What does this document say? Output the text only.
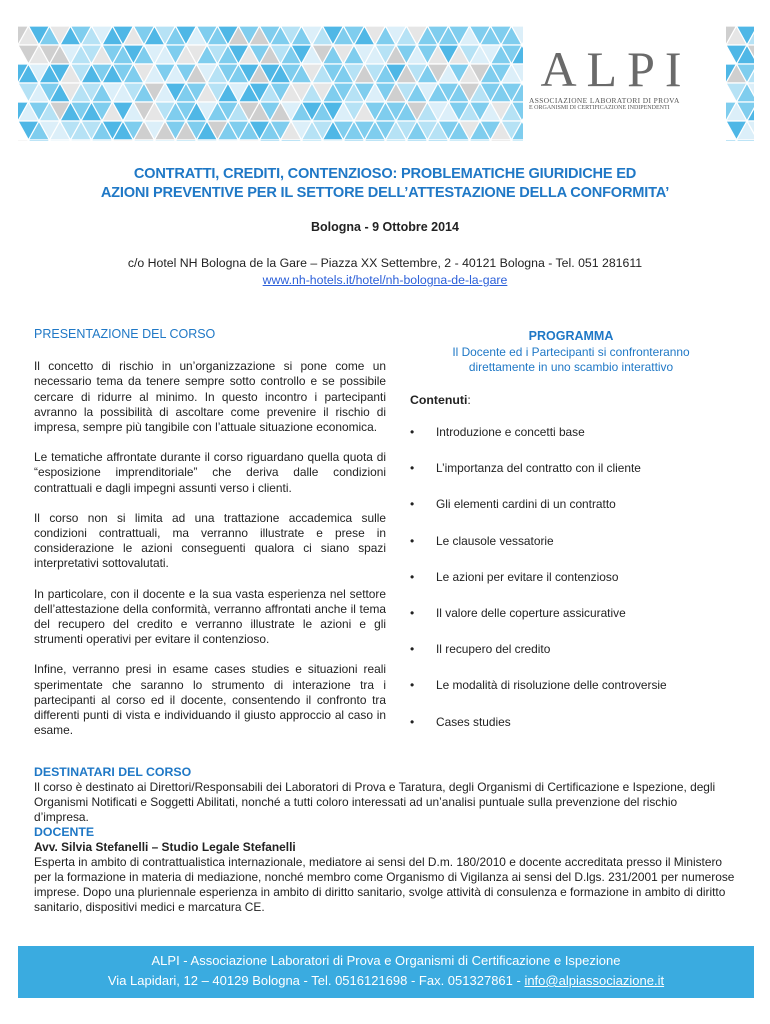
ALPI
ASSOCIAZIONE LABORATORI DI PROVA
E ORGANISMI DI CERTIFICAZIONE INDIPENDENTI
CONTRATTI, CREDITI, CONTENZIOSO: PROBLEMATICHE GIURIDICHE ED
AZIONI PREVENTIVE PER IL SETTORE DELL’ATTESTAZIONE DELLA CONFORMITA’
Bologna - 9 Ottobre 2014
c/o Hotel NH Bologna de la Gare – Piazza XX Settembre, 2 - 40121 Bologna - Tel. 051 281611
www.nh-hotels.it/hotel/nh-bologna-de-la-gare
PRESENTAZIONE DEL CORSO

Il concetto di rischio in un’organizzazione si pone come un necessario tema da tenere sempre sotto controllo e se possibile cercare di ridurre al minimo. In questo incontro i partecipanti avranno la possibilità di ascoltare come prevenire il rischio di impresa, sempre più tangibile con l’attuale situazione economica.

Le tematiche affrontate durante il corso riguardano quella quota di “esposizione imprenditoriale” che deriva dalle condizioni contrattuali e dagli impegni assunti verso i clienti.

Il corso non si limita ad una trattazione accademica sulle condizioni contrattuali, ma verranno illustrate e prese in considerazione le azioni conseguenti qualora ci siano spazi interpretativi sottovalutati.

In particolare, con il docente e la sua vasta esperienza nel settore dell’attestazione della conformità, verranno affrontati anche il tema del recupero del credito e verranno illustrate le azioni e gli strumenti operativi per evitare il contenzioso.

Infine, verranno presi in esame cases studies e situazioni reali sperimentate che saranno lo strumento di interazione tra i partecipanti al corso ed il docente, consentendo il confronto tra differenti punti di vista e individuando il giusto approccio al caso in esame.

PROGRAMMA
Il Docente ed i Partecipanti si confronteranno
direttamente in uno scambio interattivo
Contenuti:
• Introduzione e concetti base
• L’importanza del contratto con il cliente
• Gli elementi cardini di un contratto
• Le clausole vessatorie
• Le azioni per evitare il contenzioso
• Il valore delle coperture assicurative
• Il recupero del credito
• Le modalità di risoluzione delle controversie
• Cases studies
DESTINATARI DEL CORSO
Il corso è destinato ai Direttori/Responsabili dei Laboratori di Prova e Taratura, degli Organismi di Certificazione e Ispezione, degli Organismi Notificati e Soggetti Abilitati, nonché a tutti coloro interessati ad un’analisi puntuale sulla prevenzione del rischio d’impresa.
DOCENTE
Avv. Silvia Stefanelli – Studio Legale Stefanelli
Esperta in ambito di contrattualistica internazionale, mediatore ai sensi del D.m. 180/2010 e docente accreditata presso il Ministero per la formazione in materia di mediazione, nonché membro come Organismo di Vigilanza ai sensi del D.lgs. 231/2001 per numerose imprese. Dopo una pluriennale esperienza in ambito di diritto sanitario, svolge attività di consulenza e formazione in ambito di diritto sanitario, dispositivi medici e marcatura CE.
ALPI - Associazione Laboratori di Prova e Organismi di Certificazione e Ispezione
Via Lapidari, 12 – 40129 Bologna - Tel. 0516121698 - Fax. 051327861 - info@alpiassociazione.it
